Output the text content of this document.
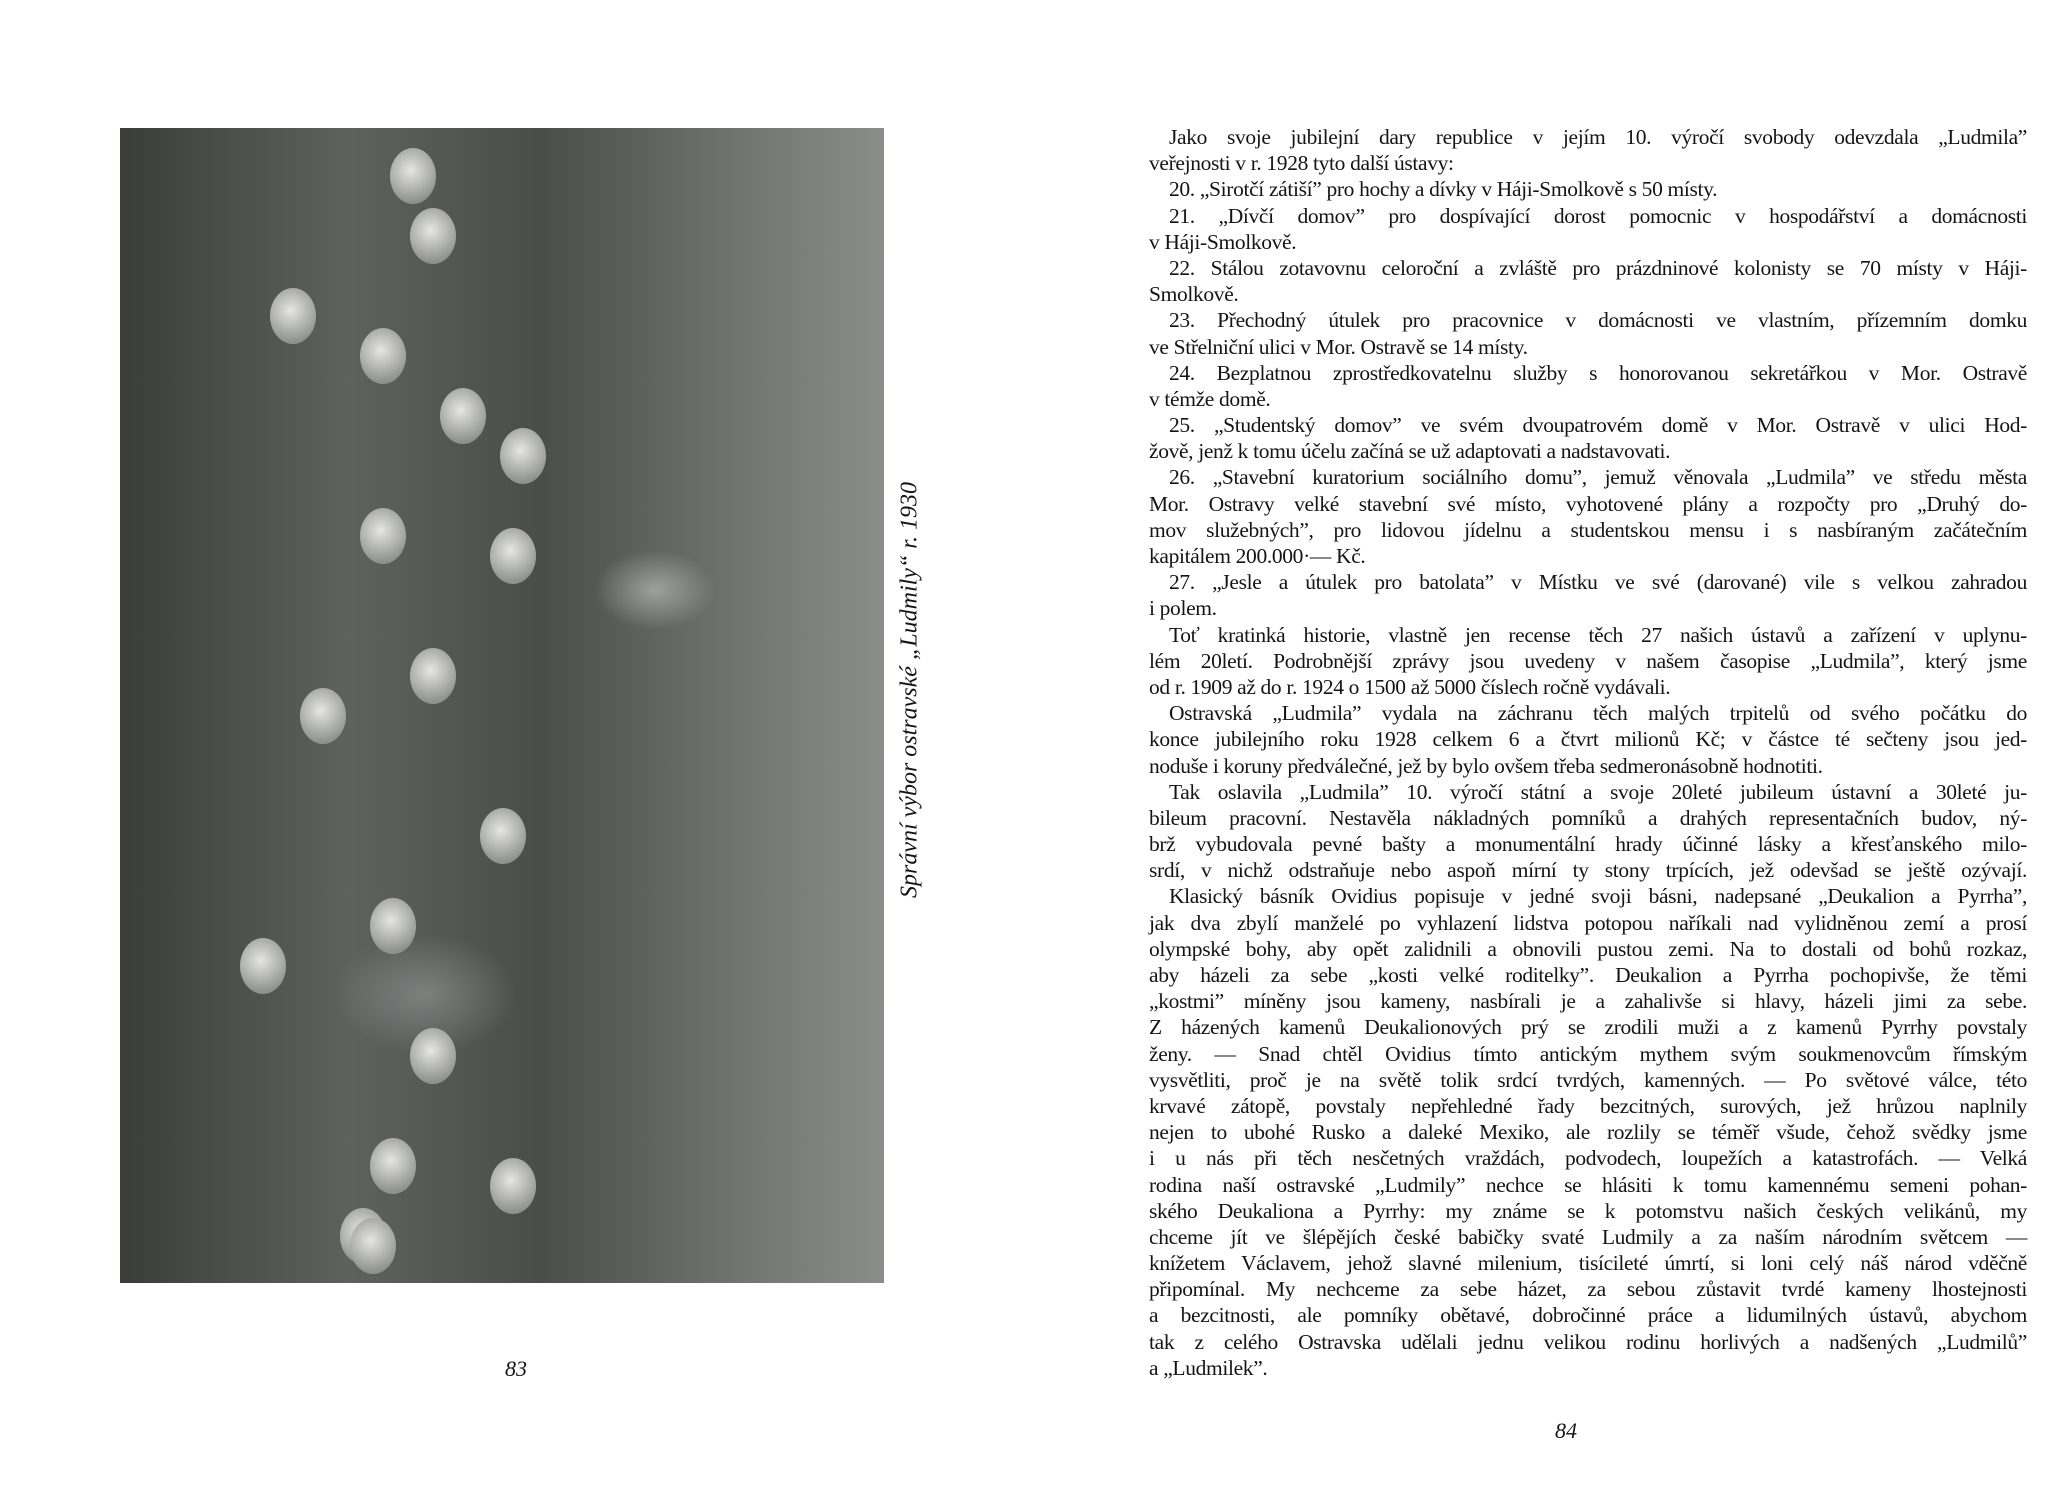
Správní výbor ostravské „Ludmily“ r. 1930
83
Jako svoje jubilejní dary republice v jejím 10. výročí svobody odevzdala „Ludmila”
veřejnosti v r. 1928 tyto další ústavy:
20. „Sirotčí zátiší” pro hochy a dívky v Háji-Smolkově s 50 místy.
21. „Dívčí domov” pro dospívající dorost pomocnic v hospodářství a domácnosti
v Háji-Smolkově.
22. Stálou zotavovnu celoroční a zvláště pro prázdninové kolonisty se 70 místy v Háji-
Smolkově.
23. Přechodný útulek pro pracovnice v domácnosti ve vlastním, přízemním domku
ve Střelniční ulici v Mor. Ostravě se 14 místy.
24. Bezplatnou zprostředkovatelnu služby s honorovanou sekretářkou v Mor. Ostravě
v témže domě.
25. „Studentský domov” ve svém dvoupatrovém domě v Mor. Ostravě v ulici Hod-
žově, jenž k tomu účelu začíná se už adaptovati a nadstavovati.
26. „Stavební kuratorium sociálního domu”, jemuž věnovala „Ludmila” ve středu města
Mor. Ostravy velké stavební své místo, vyhotovené plány a rozpočty pro „Druhý do-
mov služebných”, pro lidovou jídelnu a studentskou mensu i s nasbíraným začátečním
kapitálem 200.000·— Kč.
27. „Jesle a útulek pro batolata” v Místku ve své (darované) vile s velkou zahradou
i polem.
Toť kratinká historie, vlastně jen recense těch 27 našich ústavů a zařízení v uplynu-
lém 20letí. Podrobnější zprávy jsou uvedeny v našem časopise „Ludmila”, který jsme
od r. 1909 až do r. 1924 o 1500 až 5000 číslech ročně vydávali.
Ostravská „Ludmila” vydala na záchranu těch malých trpitelů od svého počátku do
konce jubilejního roku 1928 celkem 6 a čtvrt milionů Kč; v částce té sečteny jsou jed-
noduše i koruny předválečné, jež by bylo ovšem třeba sedmeronásobně hodnotiti.
Tak oslavila „Ludmila” 10. výročí státní a svoje 20leté jubileum ústavní a 30leté ju-
bileum pracovní. Nestavěla nákladných pomníků a drahých representačních budov, ný-
brž vybudovala pevné bašty a monumentální hrady účinné lásky a křesťanského milo-
srdí, v nichž odstraňuje nebo aspoň mírní ty stony trpících, jež odevšad se ještě ozývají.
Klasický básník Ovidius popisuje v jedné svoji básni, nadepsané „Deukalion a Pyrrha”,
jak dva zbylí manželé po vyhlazení lidstva potopou naříkali nad vylidněnou zemí a prosí
olympské bohy, aby opět zalidnili a obnovili pustou zemi. Na to dostali od bohů rozkaz,
aby házeli za sebe „kosti velké roditelky”. Deukalion a Pyrrha pochopivše, že těmi
„kostmi” míněny jsou kameny, nasbírali je a zahalivše si hlavy, házeli jimi za sebe.
Z házených kamenů Deukalionových prý se zrodili muži a z kamenů Pyrrhy povstaly
ženy. — Snad chtěl Ovidius tímto antickým mythem svým soukmenovcům římským
vysvětliti, proč je na světě tolik srdcí tvrdých, kamenných. — Po světové válce, této
krvavé zátopě, povstaly nepřehledné řady bezcitných, surových, jež hrůzou naplnily
nejen to ubohé Rusko a daleké Mexiko, ale rozlily se téměř všude, čehož svědky jsme
i u nás při těch nesčetných vraždách, podvodech, loupežích a katastrofách. — Velká
rodina naší ostravské „Ludmily” nechce se hlásiti k tomu kamennému semeni pohan-
ského Deukaliona a Pyrrhy: my známe se k potomstvu našich českých velikánů, my
chceme jít ve šlépějích české babičky svaté Ludmily a za naším národním světcem —
knížetem Václavem, jehož slavné milenium, tisícileté úmrtí, si loni celý náš národ vděčně
připomínal. My nechceme za sebe házet, za sebou zůstavit tvrdé kameny lhostejnosti
a bezcitnosti, ale pomníky obětavé, dobročinné práce a lidumilných ústavů, abychom
tak z celého Ostravska udělali jednu velikou rodinu horlivých a nadšených „Ludmilů”
a „Ludmilek”.
84
